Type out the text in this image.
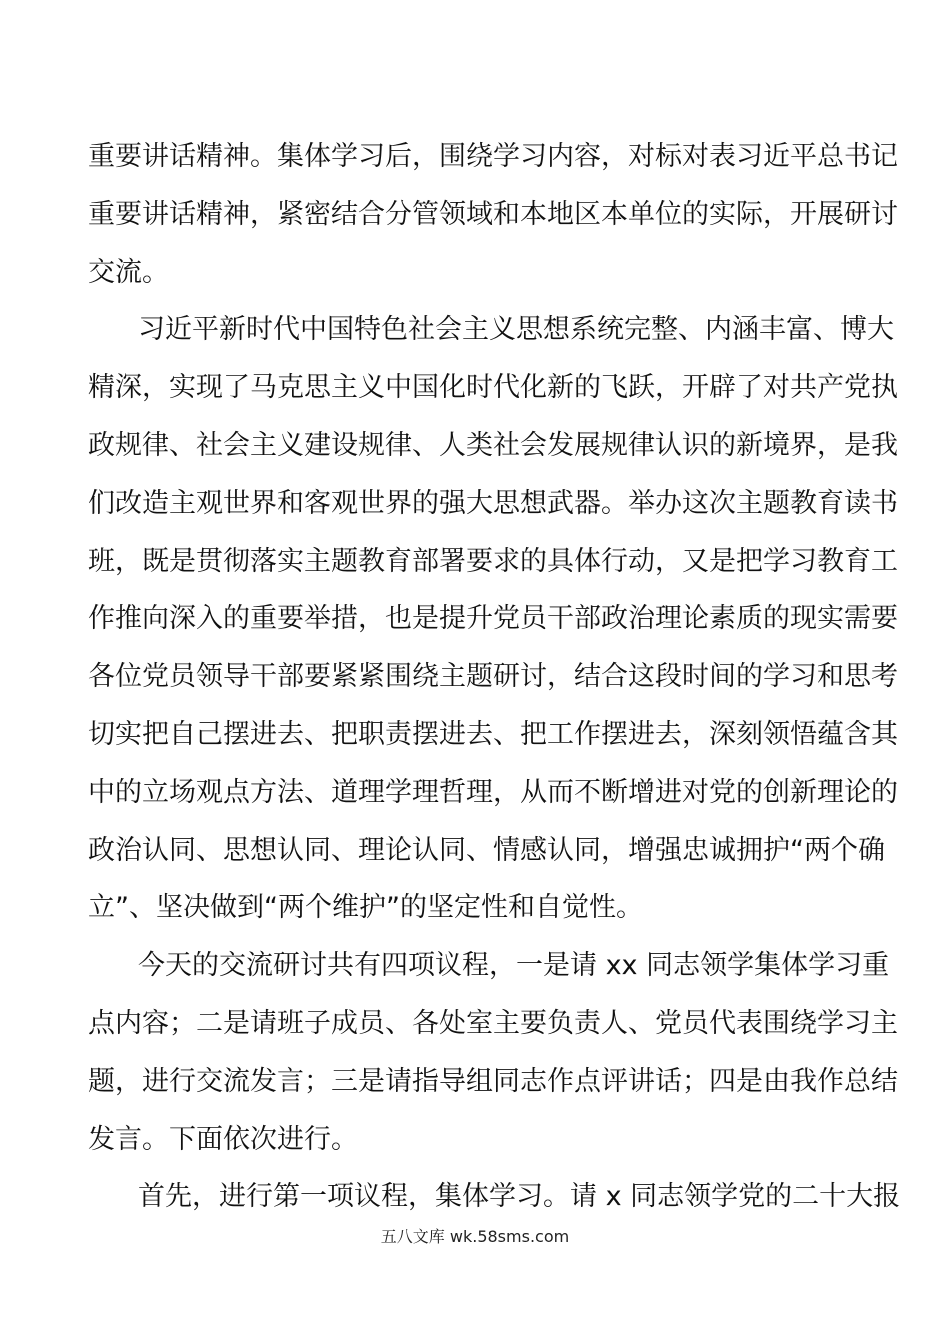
重要讲话精神。集体学习后，围绕学习内容，对标对表习近平总书记
重要讲话精神，紧密结合分管领域和本地区本单位的实际，开展研讨
交流。
习近平新时代中国特色社会主义思想系统完整、内涵丰富、博大
精深，实现了马克思主义中国化时代化新的飞跃，开辟了对共产党执
政规律、社会主义建设规律、人类社会发展规律认识的新境界，是我
们改造主观世界和客观世界的强大思想武器。举办这次主题教育读书
班，既是贯彻落实主题教育部署要求的具体行动，又是把学习教育工
作推向深入的重要举措，也是提升党员干部政治理论素质的现实需要
各位党员领导干部要紧紧围绕主题研讨，结合这段时间的学习和思考
切实把自己摆进去、把职责摆进去、把工作摆进去，深刻领悟蕴含其
中的立场观点方法、道理学理哲理，从而不断增进对党的创新理论的
政治认同、思想认同、理论认同、情感认同，增强忠诚拥护“两个确
立”、坚决做到“两个维护”的坚定性和自觉性。
今天的交流研讨共有四项议程，一是请 xx 同志领学集体学习重
点内容；二是请班子成员、各处室主要负责人、党员代表围绕学习主
题，进行交流发言；三是请指导组同志作点评讲话；四是由我作总结
发言。下面依次进行。
首先，进行第一项议程，集体学习。请 x 同志领学党的二十大报
五八文库 wk.58sms.com
